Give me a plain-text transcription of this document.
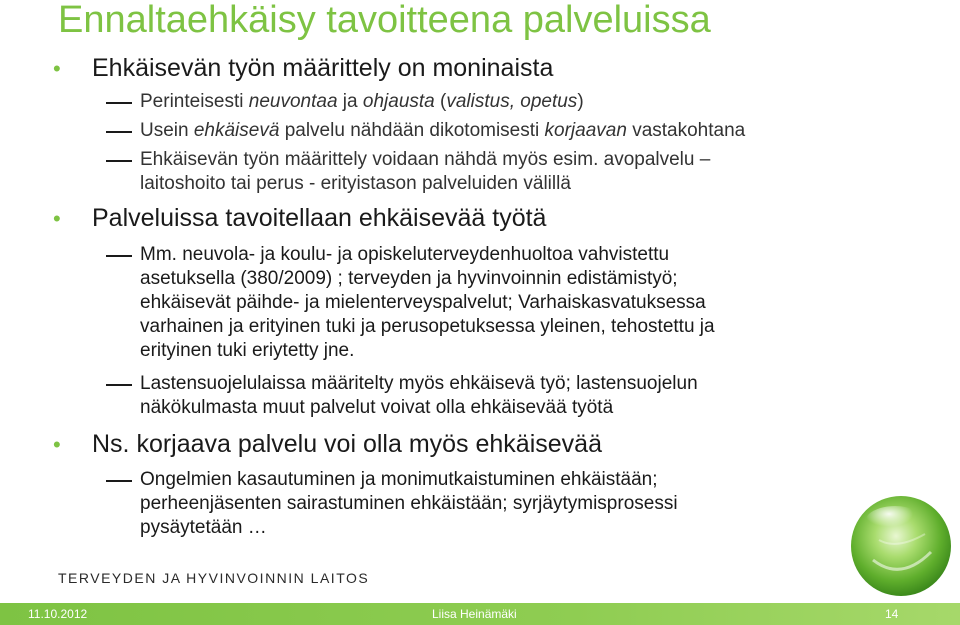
Ennaltaehkäisy tavoitteena palveluissa
• Ehkäisevän työn määrittely on moninaista
Perinteisesti neuvontaa ja ohjausta (valistus, opetus)
Usein ehkäisevä palvelu nähdään dikotomisesti korjaavan vastakohtana
Ehkäisevän työn määrittely voidaan nähdä myös esim. avopalvelu –
laitoshoito tai perus - erityistason palveluiden välillä
• Palveluissa tavoitellaan ehkäisevää työtä
Mm. neuvola- ja koulu- ja opiskeluterveydenhuoltoa vahvistettu
asetuksella (380/2009) ; terveyden ja hyvinvoinnin edistämistyö;
ehkäisevät päihde- ja mielenterveyspalvelut; Varhaiskasvatuksessa
varhainen ja erityinen tuki ja perusopetuksessa yleinen, tehostettu ja
erityinen tuki eriytetty jne.
Lastensuojelulaissa määritelty myös ehkäisevä työ; lastensuojelun
näkökulmasta muut palvelut voivat olla ehkäisevää työtä
• Ns. korjaava palvelu voi olla myös ehkäisevää
Ongelmien kasautuminen ja monimutkaistuminen ehkäistään;
perheenjäsenten sairastuminen ehkäistään; syrjäytymisprosessi
pysäytetään …
TERVEYDEN JA HYVINVOINNIN LAITOS
11.10.2012	Liisa Heinämäki	14
